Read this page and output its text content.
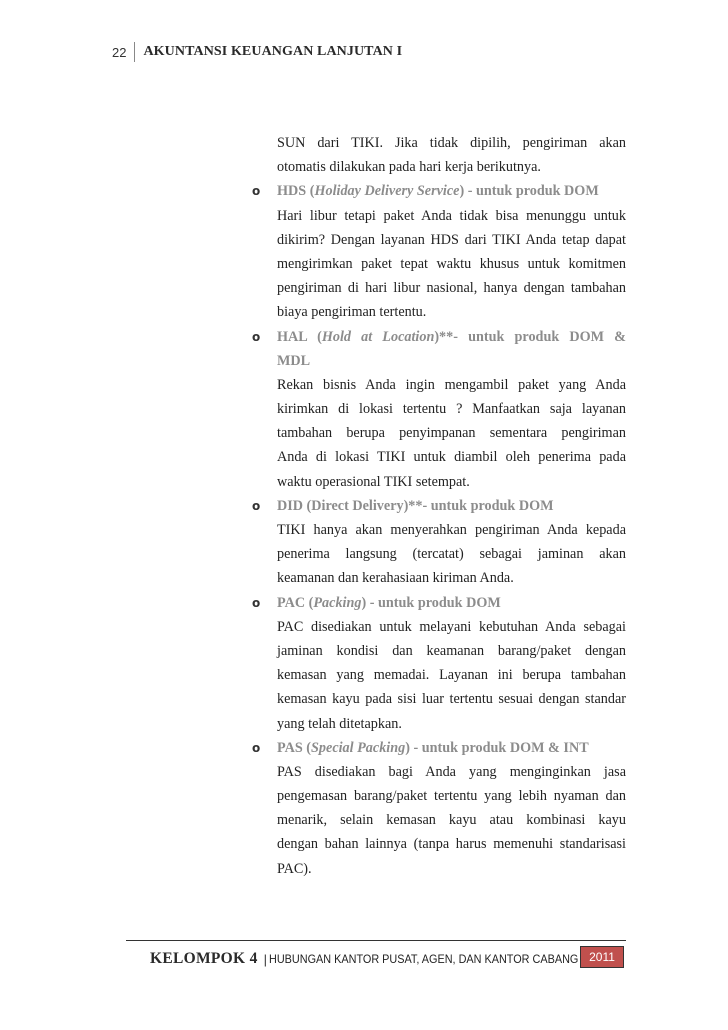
22 AKUNTANSI KEUANGAN LANJUTAN I
SUN dari TIKI. Jika tidak dipilih, pengiriman akan
otomatis dilakukan pada hari kerja berikutnya.
o HDS (Holiday Delivery Service) - untuk produk DOM
Hari libur tetapi paket Anda tidak bisa menunggu untuk
dikirim? Dengan layanan HDS dari TIKI Anda tetap dapat
mengirimkan paket tepat waktu khusus untuk komitmen
pengiriman di hari libur nasional, hanya dengan tambahan
biaya pengiriman tertentu.
o HAL (Hold at Location)**- untuk produk DOM &
MDL
Rekan bisnis Anda ingin mengambil paket yang Anda
kirimkan di lokasi tertentu ? Manfaatkan saja layanan
tambahan berupa penyimpanan sementara pengiriman
Anda di lokasi TIKI untuk diambil oleh penerima pada
waktu operasional TIKI setempat.
o DID (Direct Delivery)**- untuk produk DOM
TIKI hanya akan menyerahkan pengiriman Anda kepada
penerima langsung (tercatat) sebagai jaminan akan
keamanan dan kerahasiaan kiriman Anda.
o PAC (Packing) - untuk produk DOM
PAC disediakan untuk melayani kebutuhan Anda sebagai
jaminan kondisi dan keamanan barang/paket dengan
kemasan yang memadai. Layanan ini berupa tambahan
kemasan kayu pada sisi luar tertentu sesuai dengan standar
yang telah ditetapkan.
o PAS (Special Packing) - untuk produk DOM & INT
PAS disediakan bagi Anda yang menginginkan jasa
pengemasan barang/paket tertentu yang lebih nyaman dan
menarik, selain kemasan kayu atau kombinasi kayu
dengan bahan lainnya (tanpa harus memenuhi standarisasi
PAC).
KELOMPOK 4 | HUBUNGAN KANTOR PUSAT, AGEN, DAN KANTOR CABANG 2011
